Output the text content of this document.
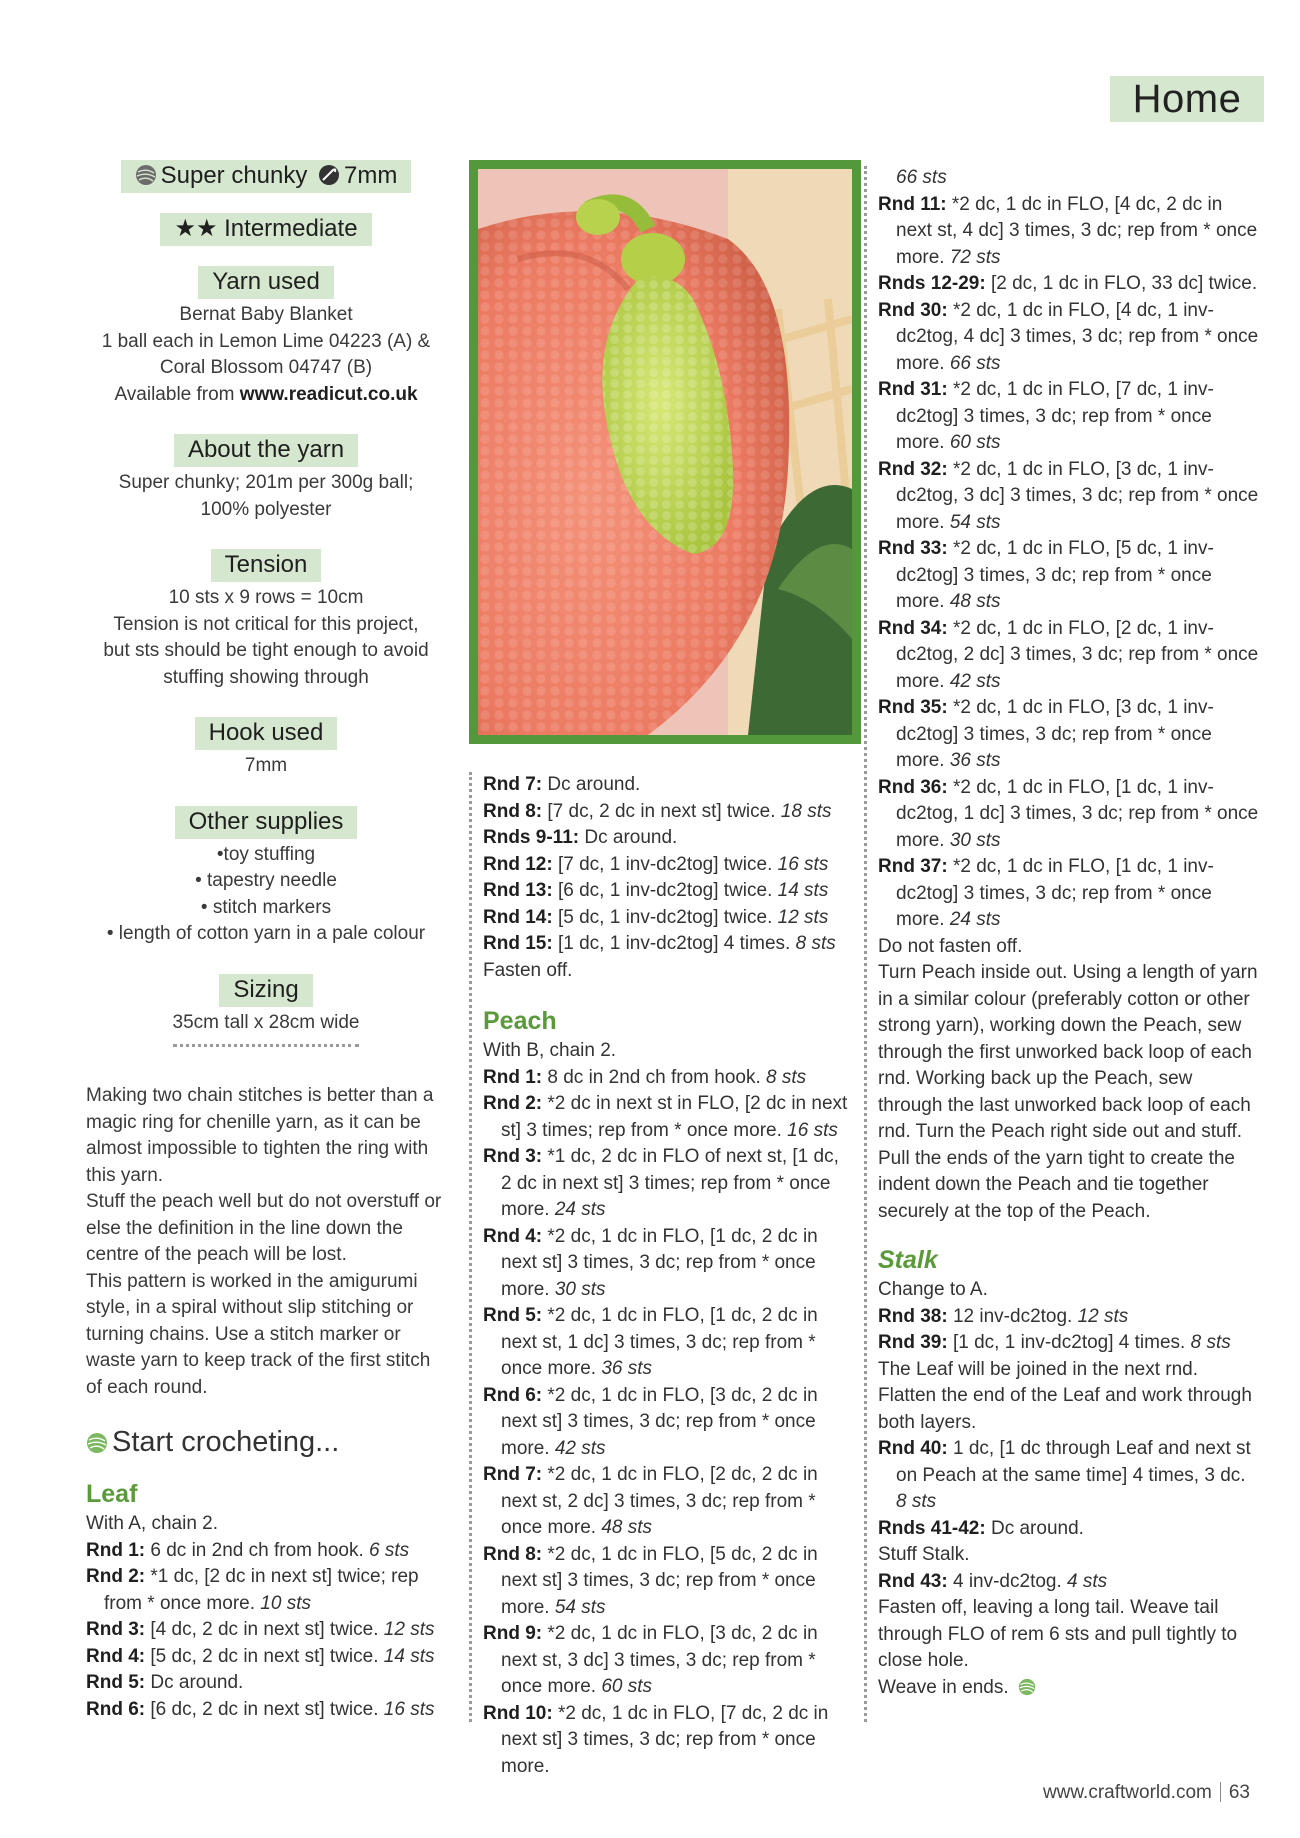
Home
Super chunky 7mm
★★ Intermediate
Yarn used
Bernat Baby Blanket
1 ball each in Lemon Lime 04223 (A) &
Coral Blossom 04747 (B)
Available from www.readicut.co.uk
About the yarn
Super chunky; 201m per 300g ball;
100% polyester
Tension
10 sts x 9 rows = 10cm
Tension is not critical for this project,
but sts should be tight enough to avoid
stuffing showing through
Hook used
7mm
Other supplies
•toy stuffing
• tapestry needle
• stitch markers
• length of cotton yarn in a pale colour
Sizing
35cm tall x 28cm wide

Making two chain stitches is better than a magic ring for chenille yarn, as it can be almost impossible to tighten the ring with this yarn.

Stuff the peach well but do not overstuff or else the definition in the line down the centre of the peach will be lost.

This pattern is worked in the amigurumi style, in a spiral without slip stitching or turning chains. Use a stitch marker or waste yarn to keep track of the first stitch of each round.

Start crocheting...
Leaf

With A, chain 2.

Rnd 1: 6 dc in 2nd ch from hook. 6 sts

Rnd 2: *1 dc, [2 dc in next st] twice; rep from * once more. 10 sts

Rnd 3: [4 dc, 2 dc in next st] twice. 12 sts

Rnd 4: [5 dc, 2 dc in next st] twice. 14 sts

Rnd 5: Dc around.

Rnd 6: [6 dc, 2 dc in next st] twice. 16 sts

Rnd 7: Dc around.

Rnd 8: [7 dc, 2 dc in next st] twice. 18 sts

Rnds 9-11: Dc around.

Rnd 12: [7 dc, 1 inv-dc2tog] twice. 16 sts

Rnd 13: [6 dc, 1 inv-dc2tog] twice. 14 sts

Rnd 14: [5 dc, 1 inv-dc2tog] twice. 12 sts

Rnd 15: [1 dc, 1 inv-dc2tog] 4 times. 8 sts

Fasten off.

Peach

With B, chain 2.

Rnd 1: 8 dc in 2nd ch from hook. 8 sts

Rnd 2: *2 dc in next st in FLO, [2 dc in next st] 3 times; rep from * once more. 16 sts

Rnd 3: *1 dc, 2 dc in FLO of next st, [1 dc, 2 dc in next st] 3 times; rep from * once more. 24 sts

Rnd 4: *2 dc, 1 dc in FLO, [1 dc, 2 dc in next st] 3 times, 3 dc; rep from * once more. 30 sts

Rnd 5: *2 dc, 1 dc in FLO, [1 dc, 2 dc in next st, 1 dc] 3 times, 3 dc; rep from * once more. 36 sts

Rnd 6: *2 dc, 1 dc in FLO, [3 dc, 2 dc in next st] 3 times, 3 dc; rep from * once more. 42 sts

Rnd 7: *2 dc, 1 dc in FLO, [2 dc, 2 dc in next st, 2 dc] 3 times, 3 dc; rep from * once more. 48 sts

Rnd 8: *2 dc, 1 dc in FLO, [5 dc, 2 dc in next st] 3 times, 3 dc; rep from * once more. 54 sts

Rnd 9: *2 dc, 1 dc in FLO, [3 dc, 2 dc in next st, 3 dc] 3 times, 3 dc; rep from * once more. 60 sts

Rnd 10: *2 dc, 1 dc in FLO, [7 dc, 2 dc in next st] 3 times, 3 dc; rep from * once more.

66 sts

Rnd 11: *2 dc, 1 dc in FLO, [4 dc, 2 dc in next st, 4 dc] 3 times, 3 dc; rep from * once more. 72 sts

Rnds 12-29: [2 dc, 1 dc in FLO, 33 dc] twice.

Rnd 30: *2 dc, 1 dc in FLO, [4 dc, 1 inv-dc2tog, 4 dc] 3 times, 3 dc; rep from * once more. 66 sts

Rnd 31: *2 dc, 1 dc in FLO, [7 dc, 1 inv-dc2tog] 3 times, 3 dc; rep from * once more. 60 sts

Rnd 32: *2 dc, 1 dc in FLO, [3 dc, 1 inv-dc2tog, 3 dc] 3 times, 3 dc; rep from * once more. 54 sts

Rnd 33: *2 dc, 1 dc in FLO, [5 dc, 1 inv-dc2tog] 3 times, 3 dc; rep from * once more. 48 sts

Rnd 34: *2 dc, 1 dc in FLO, [2 dc, 1 inv-dc2tog, 2 dc] 3 times, 3 dc; rep from * once more. 42 sts

Rnd 35: *2 dc, 1 dc in FLO, [3 dc, 1 inv-dc2tog] 3 times, 3 dc; rep from * once more. 36 sts

Rnd 36: *2 dc, 1 dc in FLO, [1 dc, 1 inv-dc2tog, 1 dc] 3 times, 3 dc; rep from * once more. 30 sts

Rnd 37: *2 dc, 1 dc in FLO, [1 dc, 1 inv-dc2tog] 3 times, 3 dc; rep from * once more. 24 sts

Do not fasten off.

Turn Peach inside out. Using a length of yarn in a similar colour (preferably cotton or other strong yarn), working down the Peach, sew through the first unworked back loop of each rnd. Working back up the Peach, sew through the last unworked back loop of each rnd. Turn the Peach right side out and stuff. Pull the ends of the yarn tight to create the indent down the Peach and tie together securely at the top of the Peach.

Stalk

Change to A.

Rnd 38: 12 inv-dc2tog. 12 sts

Rnd 39: [1 dc, 1 inv-dc2tog] 4 times. 8 sts

The Leaf will be joined in the next rnd.

Flatten the end of the Leaf and work through both layers.

Rnd 40: 1 dc, [1 dc through Leaf and next st on Peach at the same time] 4 times, 3 dc. 8 sts

Rnds 41-42: Dc around.

Stuff Stalk.

Rnd 43: 4 inv-dc2tog. 4 sts

Fasten off, leaving a long tail. Weave tail through FLO of rem 6 sts and pull tightly to close hole.

Weave in ends.

www.craftworld.com 63
